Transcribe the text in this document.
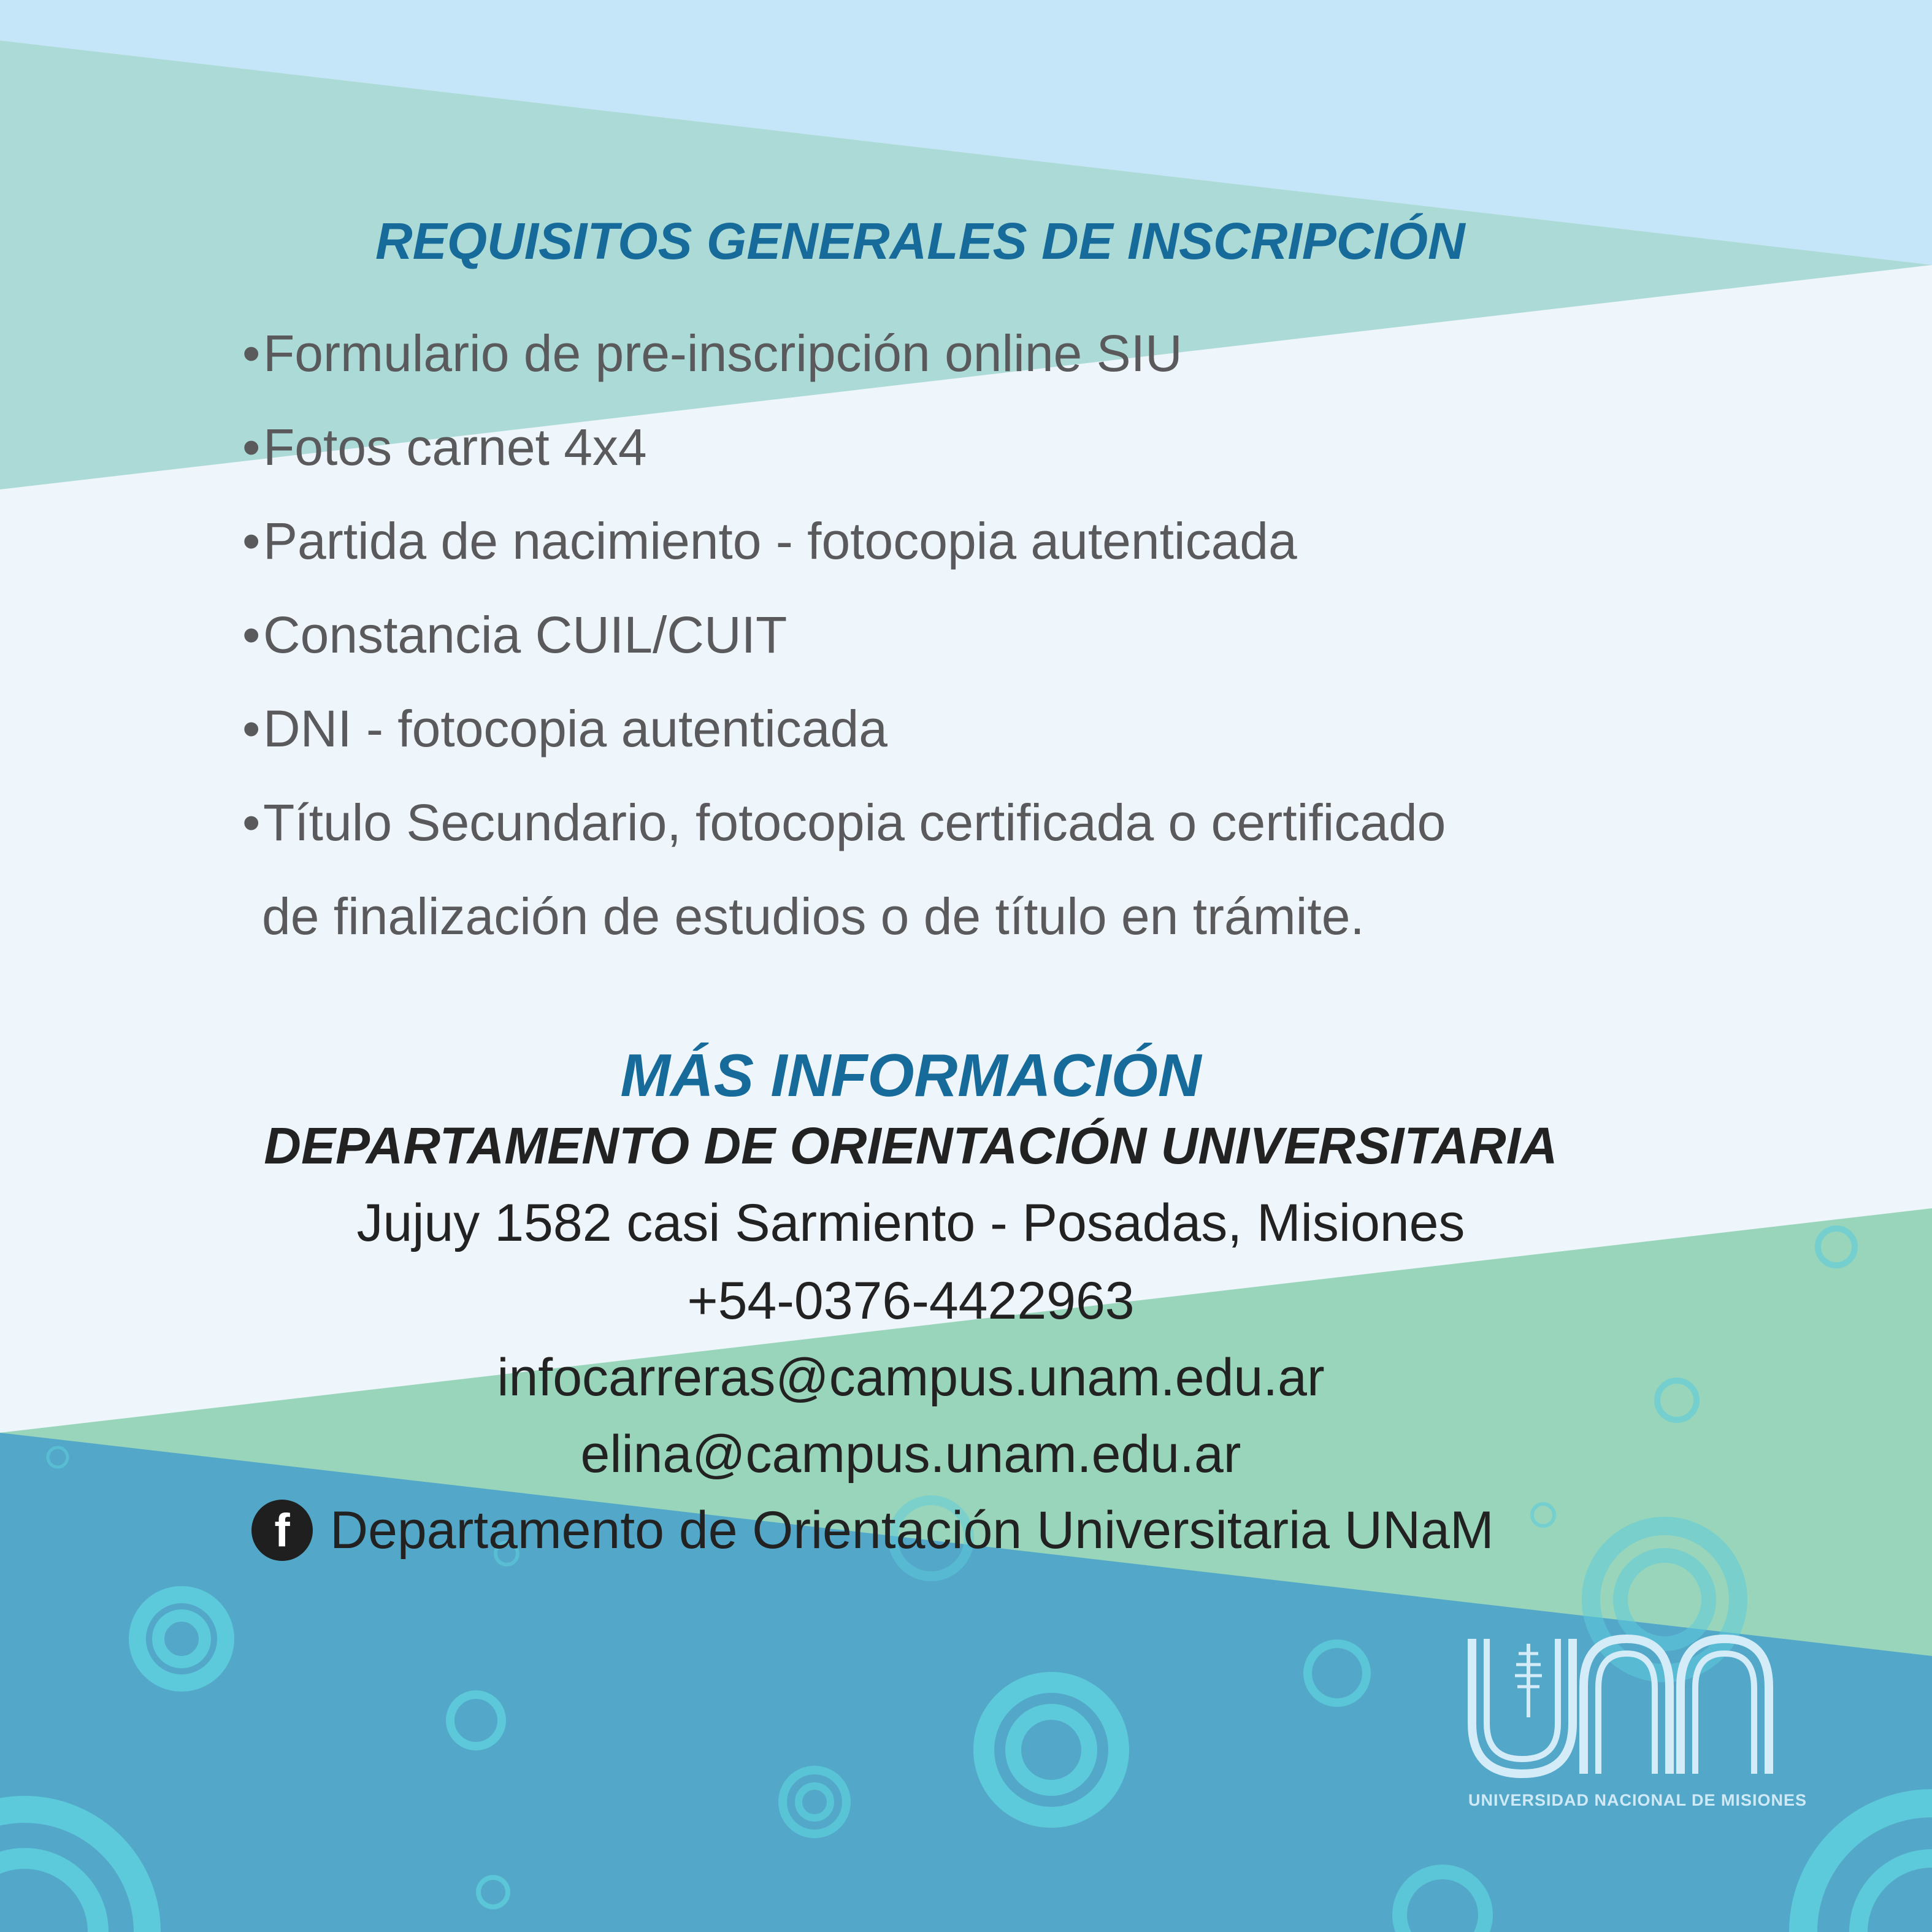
REQUISITOS GENERALES DE INSCRIPCIÓN
•Formulario de pre-inscripción online SIU
•Fotos carnet 4x4
•Partida de nacimiento - fotocopia autenticada
•Constancia CUIL/CUIT
•DNI - fotocopia autenticada
•Título Secundario, fotocopia certificada o certificado
de finalización de estudios o de título en trámite.
MÁS INFORMACIÓN
DEPARTAMENTO DE ORIENTACIÓN UNIVERSITARIA
Jujuy 1582 casi Sarmiento - Posadas, Misiones
+54-0376-4422963
infocarreras@campus.unam.edu.ar
elina@campus.unam.edu.ar
f Departamento de Orientación Universitaria UNaM
UNIVERSIDAD NACIONAL DE MISIONES
